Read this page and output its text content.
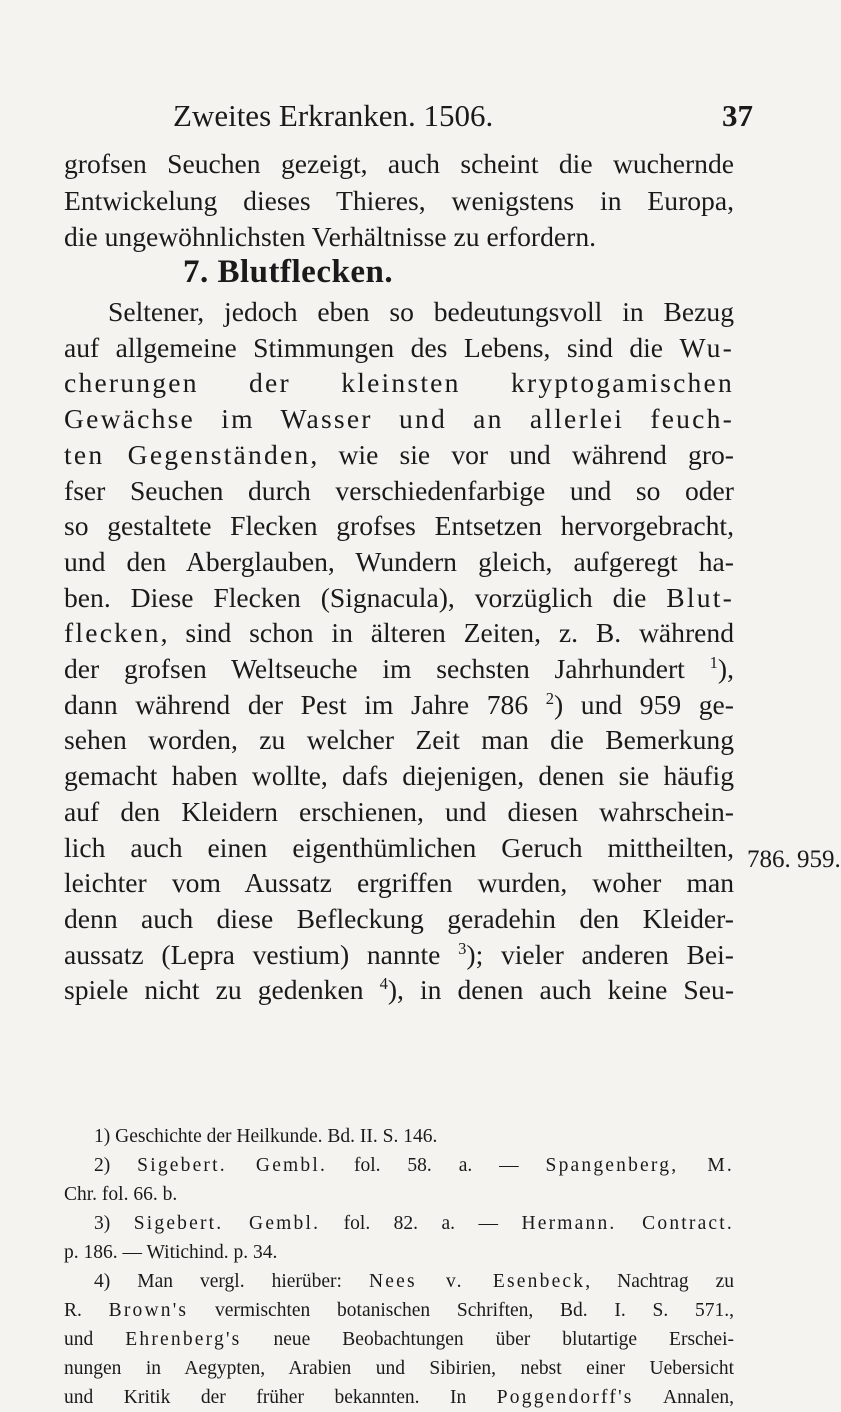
Zweites Erkranken. 1506.	37
grofsen Seuchen gezeigt, auch scheint die wuchernde
Entwickelung dieses Thieres, wenigstens in Europa,
die ungewöhnlichsten Verhältnisse zu erfordern.
7. Blutflecken.
Seltener, jedoch eben so bedeutungsvoll in Bezug
auf allgemeine Stimmungen des Lebens, sind die Wu-
cherungen der kleinsten kryptogamischen
Gewächse im Wasser und an allerlei feuch-
ten Gegenständen, wie sie vor und während gro-
fser Seuchen durch verschiedenfarbige und so oder
so gestaltete Flecken grofses Entsetzen hervorgebracht,
und den Aberglauben, Wundern gleich, aufgeregt ha-
ben. Diese Flecken (Signacula), vorzüglich die Blut-
flecken, sind schon in älteren Zeiten, z. B. während
der grofsen Weltseuche im sechsten Jahrhundert $^1$),
dann während der Pest im Jahre 786 $^2$) und 959 ge-
sehen worden, zu welcher Zeit man die Bemerkung
gemacht haben wollte, dafs diejenigen, denen sie häufig
auf den Kleidern erschienen, und diesen wahrschein-
lich auch einen eigenthümlichen Geruch mittheilten,
leichter vom Aussatz ergriffen wurden, woher man
denn auch diese Befleckung geradehin den Kleider-
aussatz (Lepra vestium) nannte $^3$); vieler anderen Bei-
spiele nicht zu gedenken $^4$), in denen auch keine Seu-
786. 959.
1) Geschichte der Heilkunde. Bd. II. S. 146.
2) Sigebert. Gembl. fol. 58. a. — Spangenberg, M.
Chr. fol. 66. b.
3) Sigebert. Gembl. fol. 82. a. — Hermann. Contract.
p. 186. — Witichind. p. 34.
4) Man vergl. hierüber: Nees v. Esenbeck, Nachtrag zu
R. Brown's vermischten botanischen Schriften, Bd. I. S. 571.,
und Ehrenberg's neue Beobachtungen über blutartige Erschei-
nungen in Aegypten, Arabien und Sibirien, nebst einer Uebersicht
und Kritik der früher bekannten. In Poggendorff's Annalen,
